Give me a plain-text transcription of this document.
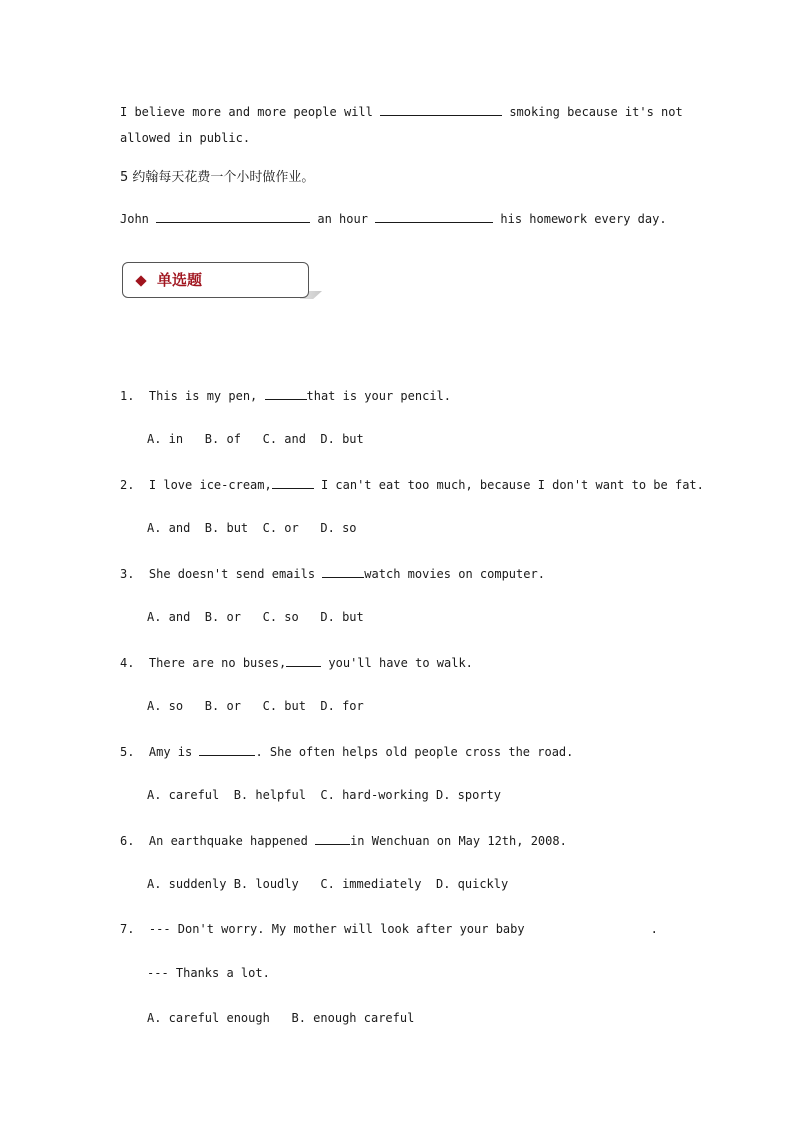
I believe more and more people will	smoking because it's not
allowed in public.
5 约翰每天花费一个小时做作业。
John	an hour	his homework every day.
单选题
1. This is my pen,	that is your pencil.
A. in   B. of   C. and  D. but
2. I love ice-cream,	I can't eat too much, because I don't want to be fat.
A. and  B. but  C. or   D. so
3. She doesn't send emails	watch movies on computer.
A. and  B. or   C. so   D. but
4. There are no buses,	you'll have to walk.
A. so   B. or   C. but  D. for
5. Amy is	. She often helps old people cross the road.
A. careful  B. helpful  C. hard-working D. sporty
6. An earthquake happened	in Wenchuan on May 12th, 2008.
A. suddenly B. loudly   C. immediately  D. quickly
7. --- Don't worry. My mother will look after your baby	.
--- Thanks a lot.
A. careful enough   B. enough careful
